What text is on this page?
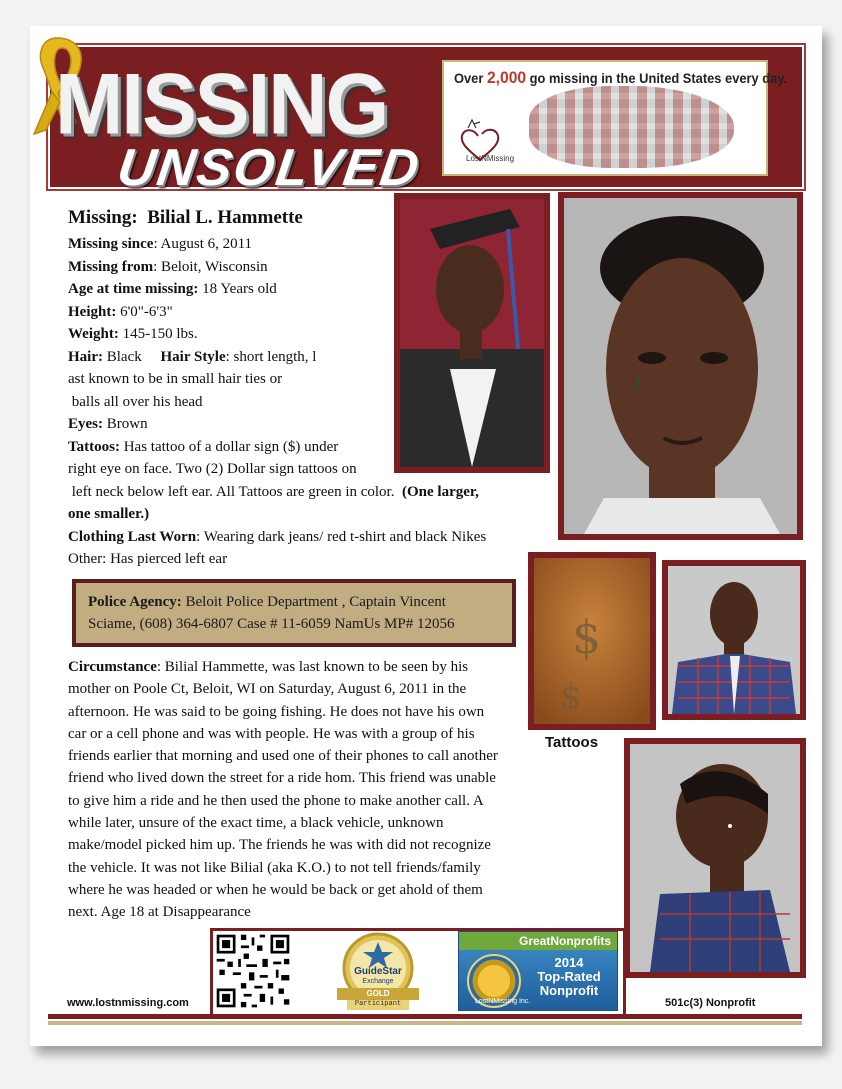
MISSING
UNSOLVED
Over 2,000 go missing in the United States every day.
LostNMissing
Missing: Bilial L. Hammette
Missing since: August 6, 2011
Missing from: Beloit, Wisconsin
Age at time missing: 18 Years old
Height: 6'0"-6'3"
Weight: 145-150 lbs.
Hair: Black     Hair Style: short length, l
ast known to be in small hair ties or
balls all over his head
Eyes: Brown
Tattoos: Has tattoo of a dollar sign ($) under
right eye on face. Two (2) Dollar sign tattoos on
left neck below left ear. All Tattoos are green in color.  (One larger,
one smaller.)
Clothing Last Worn: Wearing dark jeans/ red t-shirt and black Nikes
Other: Has pierced left ear
$
$
$
Tattoos
Police Agency: Beloit Police Department , Captain Vincent
Sciame, (608) 364-6807 Case # 11-6059 NamUs MP# 12056
Circumstance: Bilial Hammette, was last known to be seen by his
mother on Poole Ct, Beloit, WI on Saturday, August 6, 2011 in the
afternoon. He was said to be going fishing. He does not have his own
car or a cell phone and was with people. He was with a group of his
friends earlier that morning and used one of their phones to call another
friend who lived down the street for a ride hom. This friend was unable
to give him a ride and he then used the phone to make another call. A
while later, unsure of the exact time, a black vehicle, unknown
make/model picked him up. The friends he was with did not recognize
the vehicle. It was not like Bilial (aka K.O.) to not tell friends/family
where he was headed or when he would be back or get ahold of them
next. Age 18 at Disappearance
GuideStar
Exchange
GOLD
Participant
GreatNonprofits
2014
Top-Rated
Nonprofit
LostNMissing Inc.
www.lostnmissing.com	501c(3) Nonprofit
